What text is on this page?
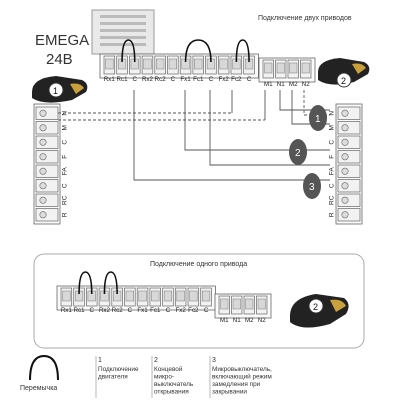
EMEGA
24B
Подключение двух приводов
Rx1 Rc1 C Rx2 Rc2 C Fx1 Fc1 C Fx2 Fc2 C
M1 N1 M2 N2
1
2
N
M
C
F
FA
C
RC
R
N
M
C
F
FA
C
RC
R
1
2
3
Подключение одного привода
Rx1 Rc1 C Rx2 Rc2 C Fx1 Fc1 C Fx2 Fc2 C
M1 N1 M2 N2
2
Перемычка
1
Подключение
двигателя
2
Концевой
микро-
выключатель
открывания
3
Микровыключатель,
включающий режим
замедления при
закрывании
